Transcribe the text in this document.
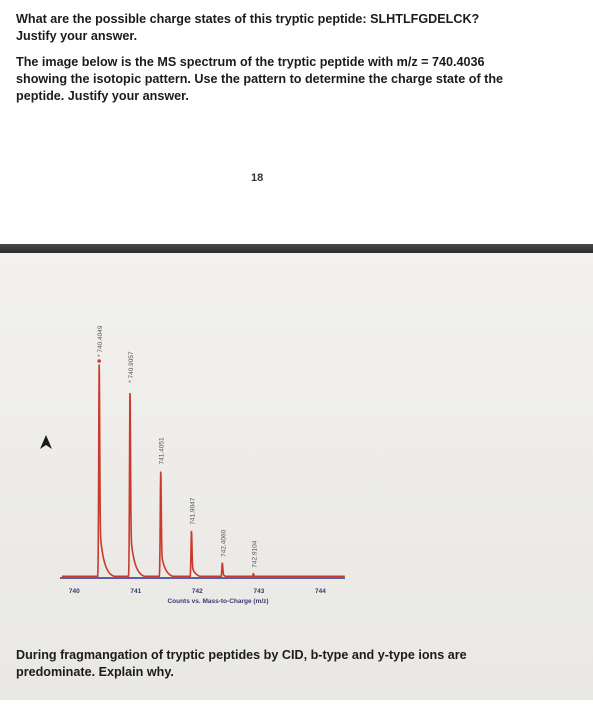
What are the possible charge states of this tryptic peptide: SLHTLFGDELCK?
Justify your answer.
The image below is the MS spectrum of the tryptic peptide with m/z = 740.4036
showing the isotopic pattern. Use the pattern to determine the charge state of the
peptide. Justify your answer.
18
* 740.4049
* 740.9057
741.4051
741.9047
742.4060	742.9104
740	741	742	743	744
Counts vs. Mass-to-Charge (m/z)
During fragmangation of tryptic peptides by CID, b-type and y-type ions are
predominate. Explain why.
